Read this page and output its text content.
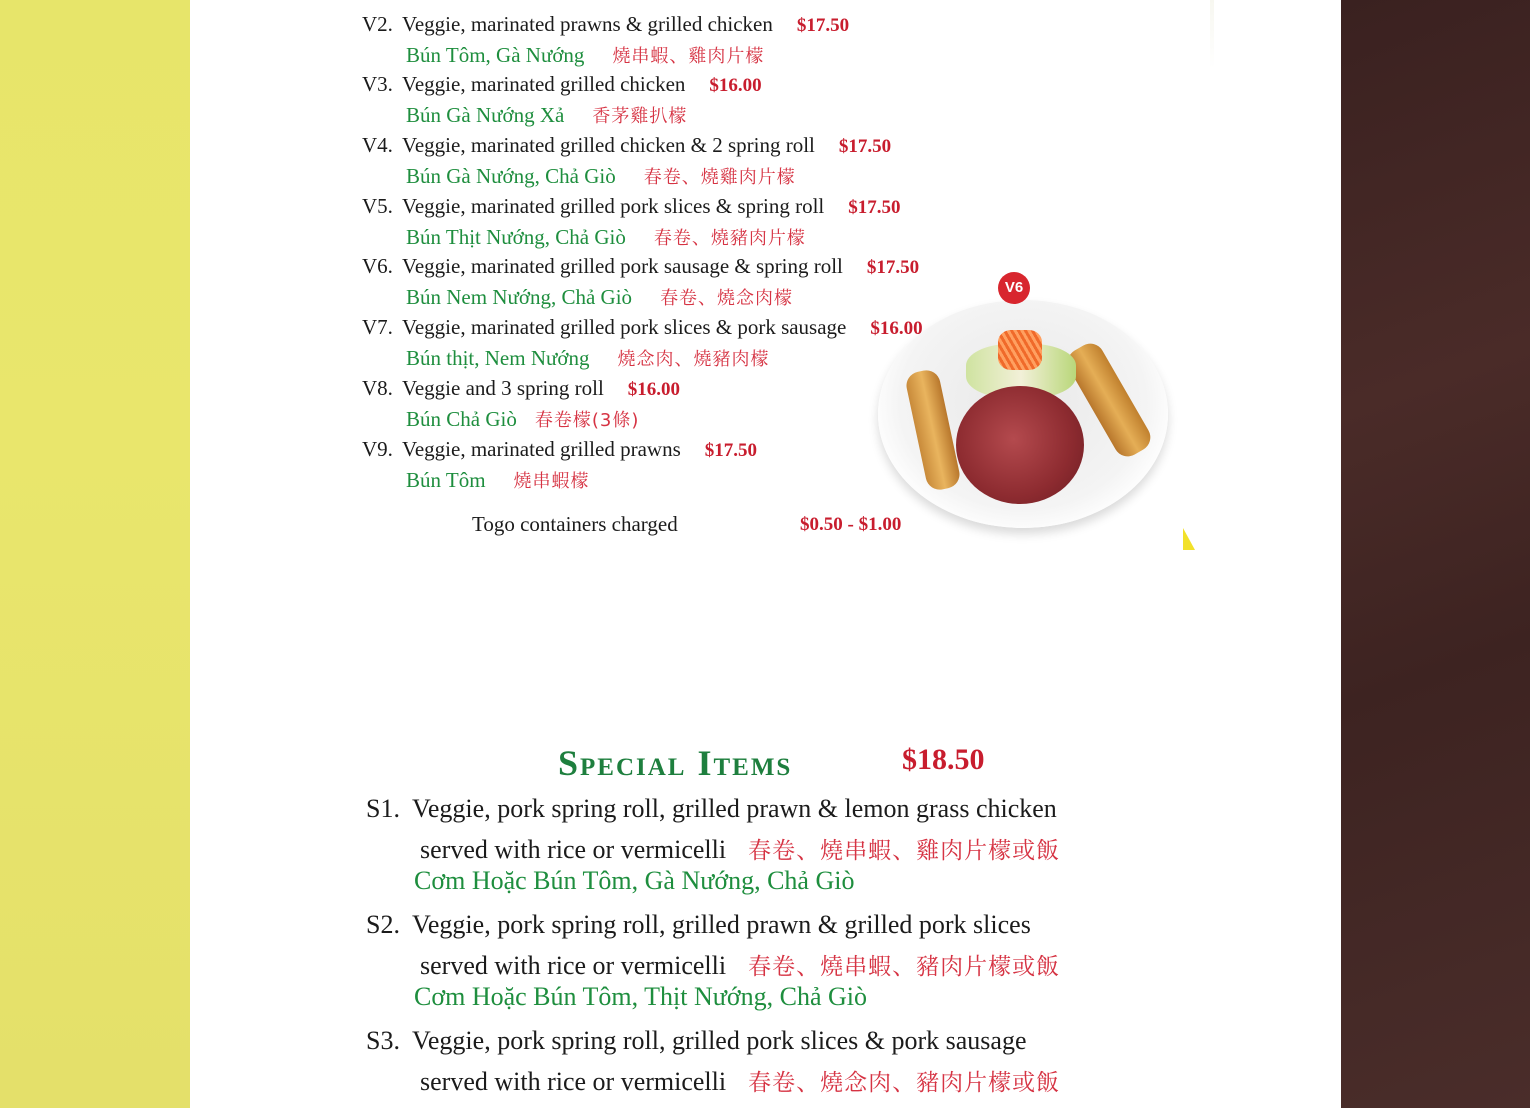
V2. Veggie, marinated prawns & grilled chicken $17.50
Bún Tôm, Gà Nướng 燒串蝦、雞肉片檬
V3. Veggie, marinated grilled chicken $16.00
Bún Gà Nướng Xả 香茅雞扒檬
V4. Veggie, marinated grilled chicken & 2 spring roll $17.50
Bún Gà Nướng, Chả Giò 春卷、燒雞肉片檬
V5. Veggie, marinated grilled pork slices & spring roll $17.50
Bún Thịt Nướng, Chả Giò 春卷、燒豬肉片檬
V6. Veggie, marinated grilled pork sausage & spring roll $17.50
Bún Nem Nướng, Chả Giò 春卷、燒念肉檬
V7. Veggie, marinated grilled pork slices & pork sausage $16.00
Bún thịt, Nem Nướng 燒念肉、燒豬肉檬
V8. Veggie and 3 spring roll $16.00
Bún Chả Giò 春卷檬(3條)
V9. Veggie, marinated grilled prawns $17.50
Bún Tôm 燒串蝦檬
Togo containers charged	$0.50 - $1.00
V6
Special Items	$18.50
S1. Veggie, pork spring roll, grilled prawn & lemon grass chicken
served with rice or vermicelli 春卷、燒串蝦、雞肉片檬或飯
Cơm Hoặc Bún Tôm, Gà Nướng, Chả Giò
S2. Veggie, pork spring roll, grilled prawn & grilled pork slices
served with rice or vermicelli 春卷、燒串蝦、豬肉片檬或飯
Cơm Hoặc Bún Tôm, Thịt Nướng, Chả Giò
S3. Veggie, pork spring roll, grilled pork slices & pork sausage
served with rice or vermicelli 春卷、燒念肉、豬肉片檬或飯
